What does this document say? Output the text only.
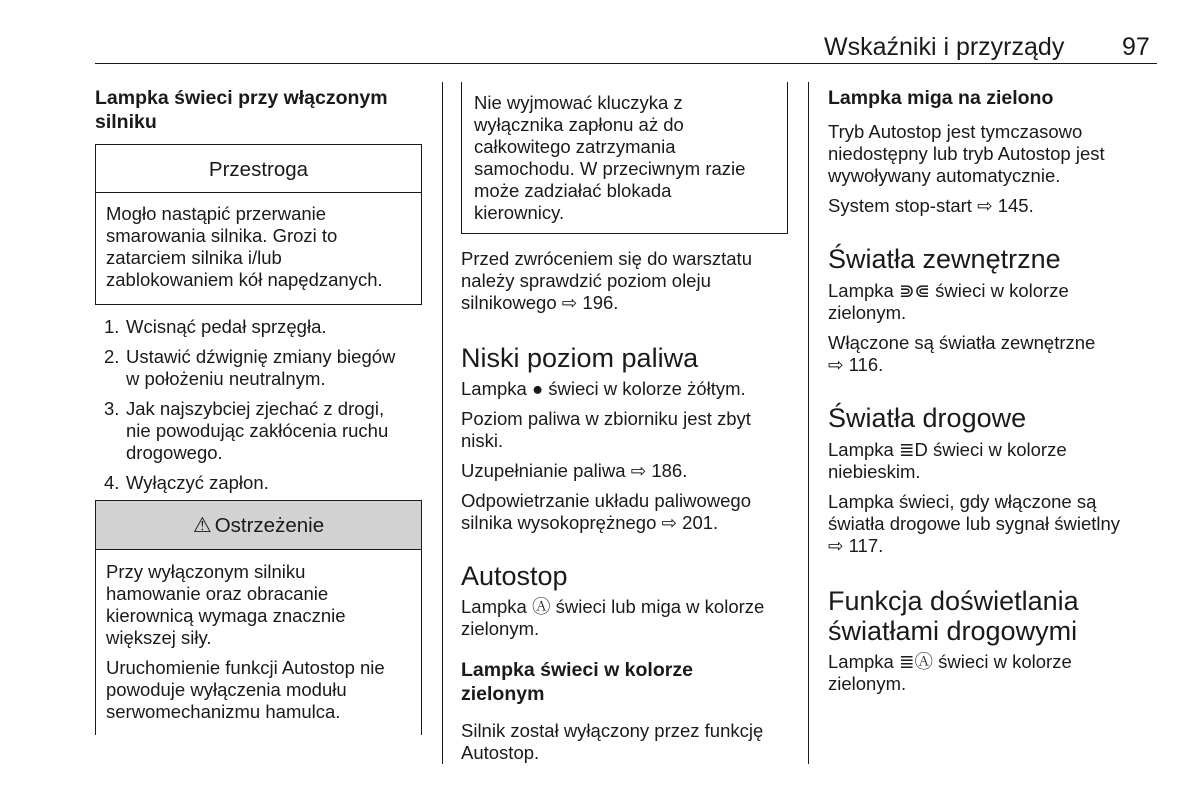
Wskaźniki i przyrządy 97
Lampka świeci przy włączonym
silniku
Przestroga
Mogło nastąpić przerwanie
smarowania silnika. Grozi to
zatarciem silnika i/lub
zablokowaniem kół napędzanych.
1. Wcisnąć pedał sprzęgła.
2. Ustawić dźwignię zmiany biegów
w położeniu neutralnym.
3. Jak najszybciej zjechać z drogi,
nie powodując zakłócenia ruchu
drogowego.
4. Wyłączyć zapłon.
⚠ Ostrzeżenie
Przy wyłączonym silniku
hamowanie oraz obracanie
kierownicą wymaga znacznie
większej siły.
Uruchomienie funkcji Autostop nie
powoduje wyłączenia modułu
serwomechanizmu hamulca.
Nie wyjmować kluczyka z
wyłącznika zapłonu aż do
całkowitego zatrzymania
samochodu. W przeciwnym razie
może zadziałać blokada
kierownicy.
Przed zwróceniem się do warsztatu
należy sprawdzić poziom oleju
silnikowego ⇨ 196.
Niski poziom paliwa
Lampka ● świeci w kolorze żółtym.
Poziom paliwa w zbiorniku jest zbyt
niski.
Uzupełnianie paliwa ⇨ 186.
Odpowietrzanie układu paliwowego
silnika wysokoprężnego ⇨ 201.
Autostop
Lampka Ⓐ świeci lub miga w kolorze
zielonym.
Lampka świeci w kolorze
zielonym
Silnik został wyłączony przez funkcję
Autostop.
Lampka miga na zielono
Tryb Autostop jest tymczasowo
niedostępny lub tryb Autostop jest
wywoływany automatycznie.
System stop-start ⇨ 145.
Światła zewnętrzne
Lampka ⋑⋐ świeci w kolorze
zielonym.
Włączone są światła zewnętrzne
⇨ 116.
Światła drogowe
Lampka ≣D świeci w kolorze
niebieskim.
Lampka świeci, gdy włączone są
światła drogowe lub sygnał świetlny
⇨ 117.
Funkcja doświetlania
światłami drogowymi
Lampka ≣Ⓐ świeci w kolorze
zielonym.
